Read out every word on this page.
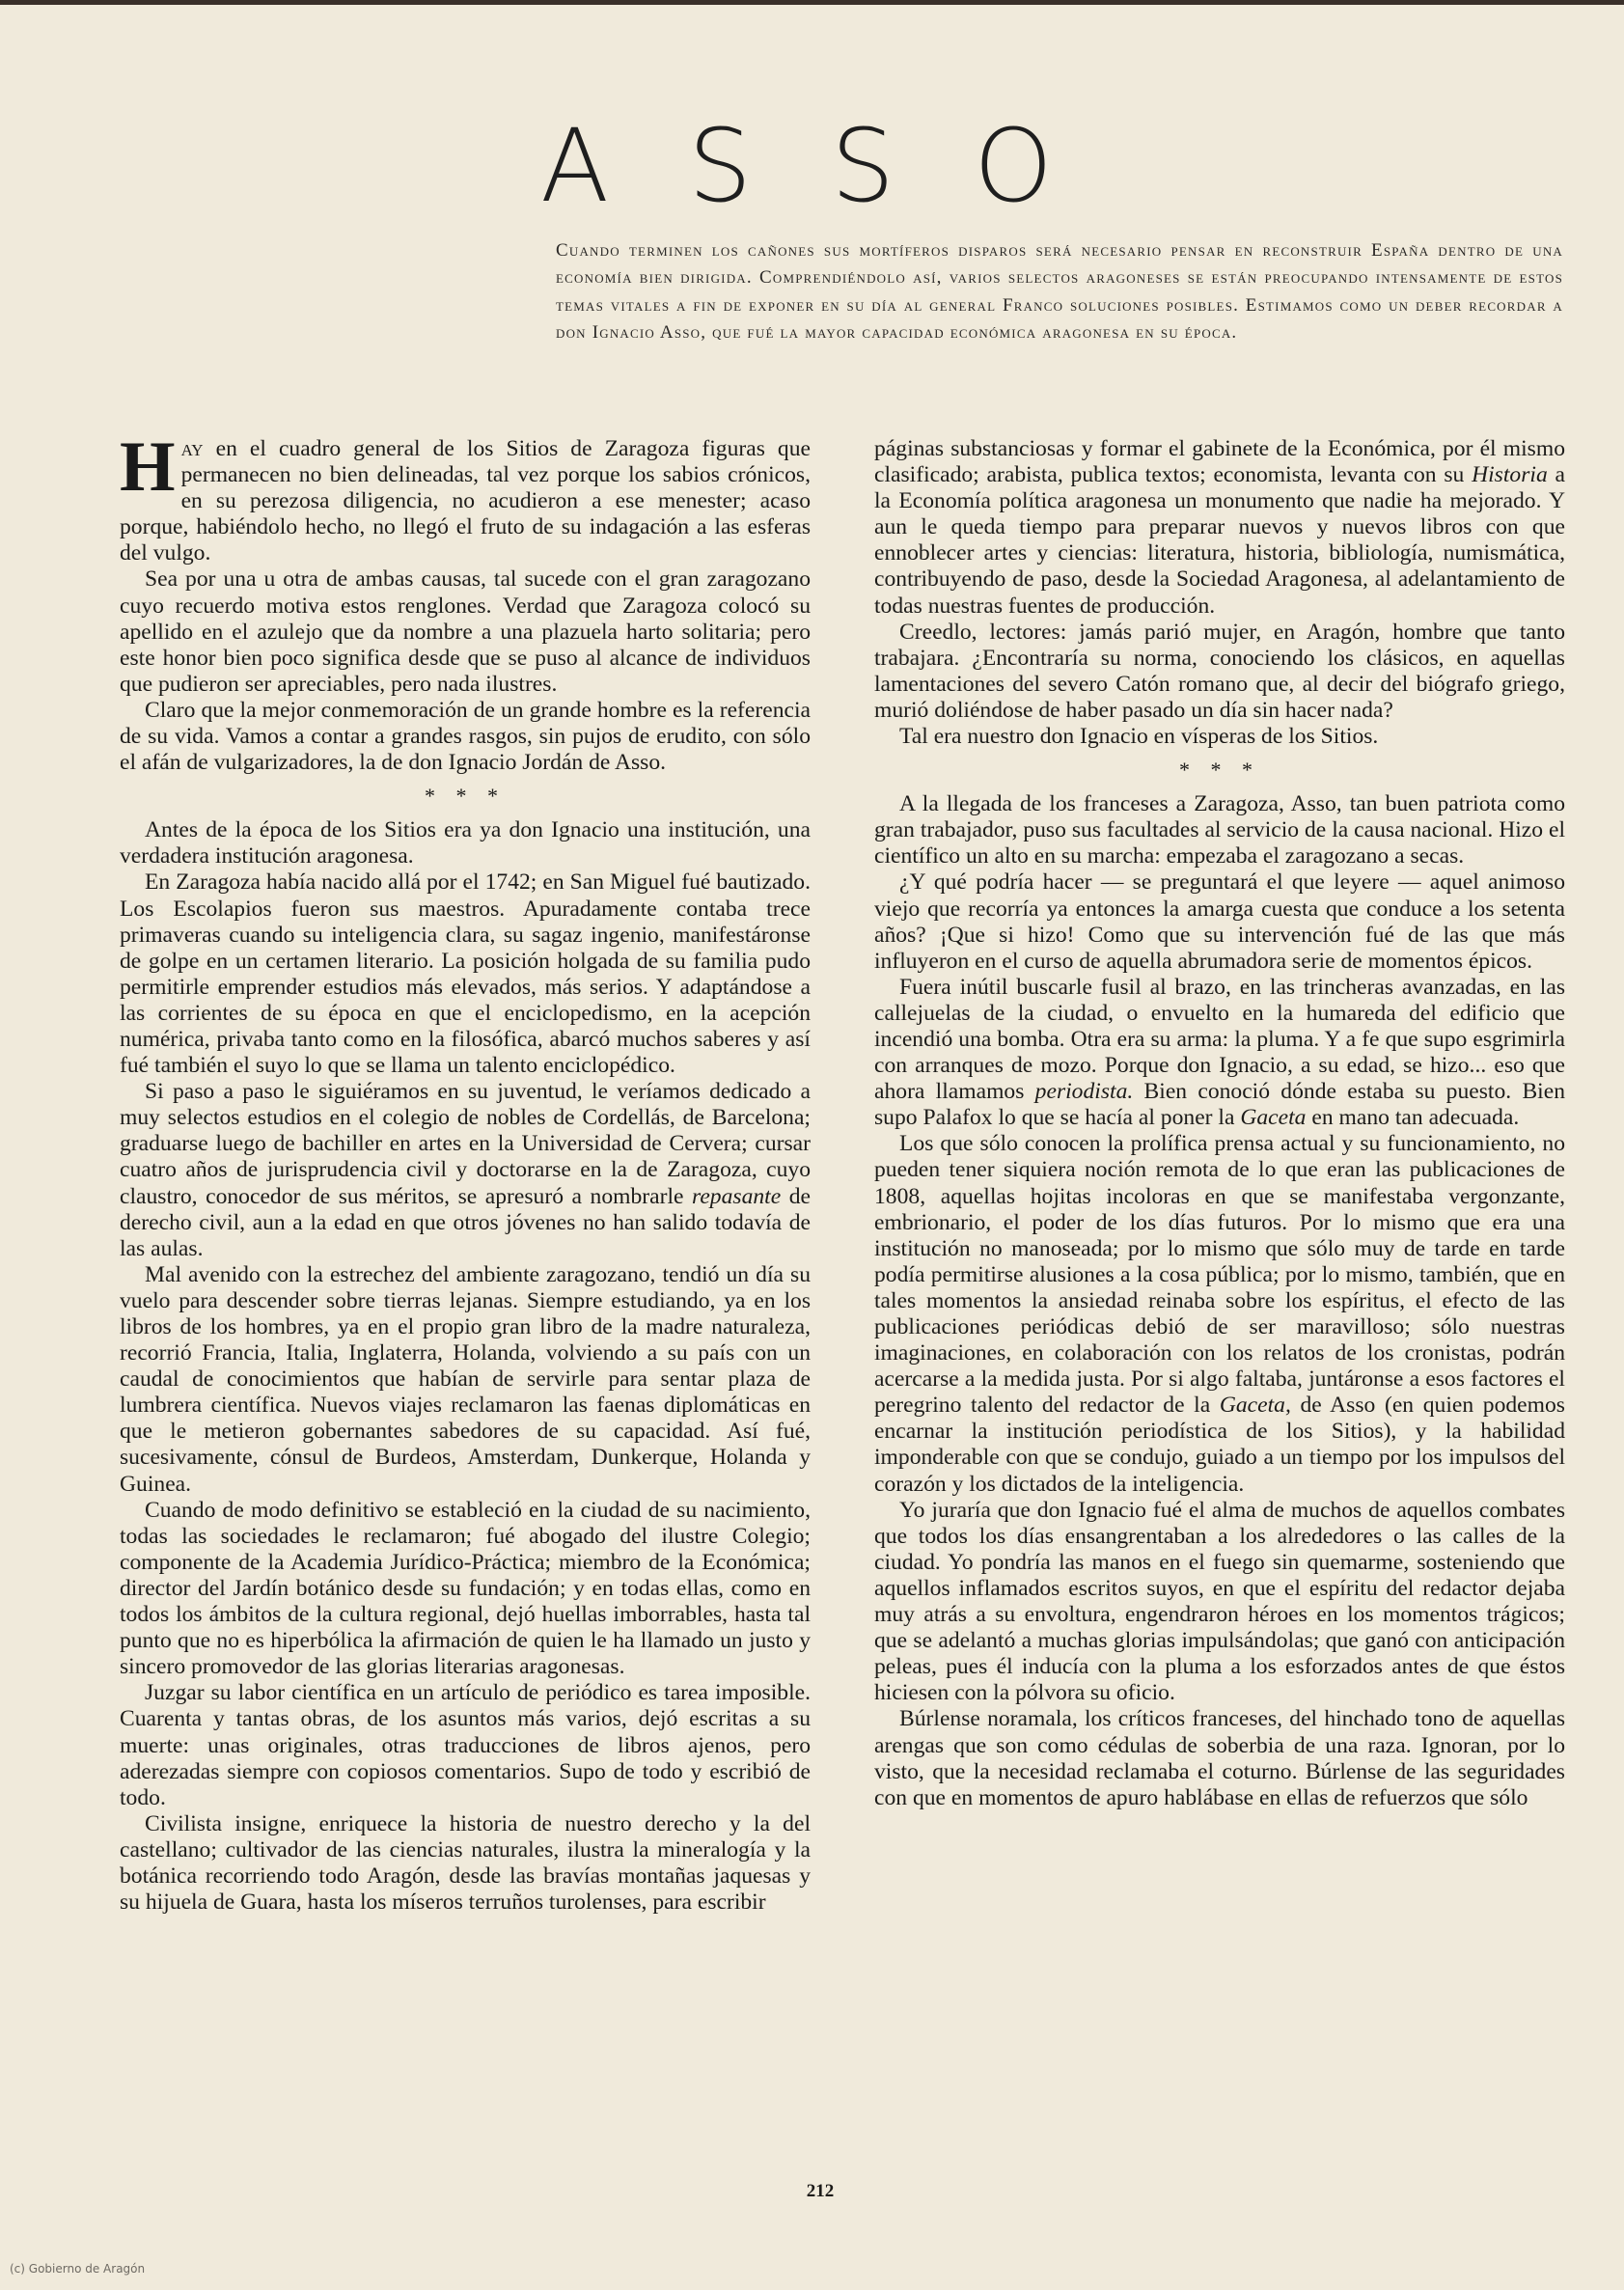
ASSO
Cuando terminen los cañones sus mortíferos disparos será necesario pensar en reconstruir España dentro de una economía bien dirigida. Comprendiéndolo así, varios selectos aragoneses se están preocupando intensamente de estos temas vitales a fin de exponer en su día al general Franco soluciones posibles. Estimamos como un deber recordar a don Ignacio Asso, que fué la mayor capacidad económica aragonesa en su época.

Hay en el cuadro general de los Sitios de Zaragoza figuras que permanecen no bien delineadas, tal vez porque los sabios crónicos, en su perezosa diligencia, no acudieron a ese menester; acaso porque, habiéndolo hecho, no llegó el fruto de su indagación a las esferas del vulgo.

Sea por una u otra de ambas causas, tal sucede con el gran zaragozano cuyo recuerdo motiva estos renglones. Verdad que Zaragoza colocó su apellido en el azulejo que da nombre a una plazuela harto solitaria; pero este honor bien poco significa desde que se puso al alcance de individuos que pudieron ser apreciables, pero nada ilustres.

Claro que la mejor conmemoración de un grande hombre es la referencia de su vida. Vamos a contar a grandes rasgos, sin pujos de erudito, con sólo el afán de vulgarizadores, la de don Ignacio Jordán de Asso.

* * *

Antes de la época de los Sitios era ya don Ignacio una institución, una verdadera institución aragonesa.

En Zaragoza había nacido allá por el 1742; en San Miguel fué bautizado. Los Escolapios fueron sus maestros. Apuradamente contaba trece primaveras cuando su inteligencia clara, su sagaz ingenio, manifestáronse de golpe en un certamen literario. La posición holgada de su familia pudo permitirle emprender estudios más elevados, más serios. Y adaptándose a las corrientes de su época en que el enciclopedismo, en la acepción numérica, privaba tanto como en la filosófica, abarcó muchos saberes y así fué también el suyo lo que se llama un talento enciclopédico.

Si paso a paso le siguiéramos en su juventud, le veríamos dedicado a muy selectos estudios en el colegio de nobles de Cordellás, de Barcelona; graduarse luego de bachiller en artes en la Universidad de Cervera; cursar cuatro años de jurisprudencia civil y doctorarse en la de Zaragoza, cuyo claustro, conocedor de sus méritos, se apresuró a nombrarle repasante de derecho civil, aun a la edad en que otros jóvenes no han salido todavía de las aulas.

Mal avenido con la estrechez del ambiente zaragozano, tendió un día su vuelo para descender sobre tierras lejanas. Siempre estudiando, ya en los libros de los hombres, ya en el propio gran libro de la madre naturaleza, recorrió Francia, Italia, Inglaterra, Holanda, volviendo a su país con un caudal de conocimientos que habían de servirle para sentar plaza de lumbrera científica. Nuevos viajes reclamaron las faenas diplomáticas en que le metieron gobernantes sabedores de su capacidad. Así fué, sucesivamente, cónsul de Burdeos, Amsterdam, Dunkerque, Holanda y Guinea.

Cuando de modo definitivo se estableció en la ciudad de su nacimiento, todas las sociedades le reclamaron; fué abogado del ilustre Colegio; componente de la Academia Jurídico-Práctica; miembro de la Económica; director del Jardín botánico desde su fundación; y en todas ellas, como en todos los ámbitos de la cultura regional, dejó huellas imborrables, hasta tal punto que no es hiperbólica la afirmación de quien le ha llamado un justo y sincero promovedor de las glorias literarias aragonesas.

Juzgar su labor científica en un artículo de periódico es tarea imposible. Cuarenta y tantas obras, de los asuntos más varios, dejó escritas a su muerte: unas originales, otras traducciones de libros ajenos, pero aderezadas siempre con copiosos comentarios. Supo de todo y escribió de todo.

Civilista insigne, enriquece la historia de nuestro derecho y la del castellano; cultivador de las ciencias naturales, ilustra la mineralogía y la botánica recorriendo todo Aragón, desde las bravías montañas jaquesas y su hijuela de Guara, hasta los míseros terruños turolenses, para escribir

páginas substanciosas y formar el gabinete de la Económica, por él mismo clasificado; arabista, publica textos; economista, levanta con su Historia a la Economía política aragonesa un monumento que nadie ha mejorado. Y aun le queda tiempo para preparar nuevos y nuevos libros con que ennoblecer artes y ciencias: literatura, historia, bibliología, numismática, contribuyendo de paso, desde la Sociedad Aragonesa, al adelantamiento de todas nuestras fuentes de producción.

Creedlo, lectores: jamás parió mujer, en Aragón, hombre que tanto trabajara. ¿Encontraría su norma, conociendo los clásicos, en aquellas lamentaciones del severo Catón romano que, al decir del biógrafo griego, murió doliéndose de haber pasado un día sin hacer nada?

Tal era nuestro don Ignacio en vísperas de los Sitios.

* * *

A la llegada de los franceses a Zaragoza, Asso, tan buen patriota como gran trabajador, puso sus facultades al servicio de la causa nacional. Hizo el científico un alto en su marcha: empezaba el zaragozano a secas.

¿Y qué podría hacer — se preguntará el que leyere — aquel animoso viejo que recorría ya entonces la amarga cuesta que conduce a los setenta años? ¡Que si hizo! Como que su intervención fué de las que más influyeron en el curso de aquella abrumadora serie de momentos épicos.

Fuera inútil buscarle fusil al brazo, en las trincheras avanzadas, en las callejuelas de la ciudad, o envuelto en la humareda del edificio que incendió una bomba. Otra era su arma: la pluma. Y a fe que supo esgrimirla con arranques de mozo. Porque don Ignacio, a su edad, se hizo... eso que ahora llamamos periodista. Bien conoció dónde estaba su puesto. Bien supo Palafox lo que se hacía al poner la Gaceta en mano tan adecuada.

Los que sólo conocen la prolífica prensa actual y su funcionamiento, no pueden tener siquiera noción remota de lo que eran las publicaciones de 1808, aquellas hojitas incoloras en que se manifestaba vergonzante, embrionario, el poder de los días futuros. Por lo mismo que era una institución no manoseada; por lo mismo que sólo muy de tarde en tarde podía permitirse alusiones a la cosa pública; por lo mismo, también, que en tales momentos la ansiedad reinaba sobre los espíritus, el efecto de las publicaciones periódicas debió de ser maravilloso; sólo nuestras imaginaciones, en colaboración con los relatos de los cronistas, podrán acercarse a la medida justa. Por si algo faltaba, juntáronse a esos factores el peregrino talento del redactor de la Gaceta, de Asso (en quien podemos encarnar la institución periodística de los Sitios), y la habilidad imponderable con que se condujo, guiado a un tiempo por los impulsos del corazón y los dictados de la inteligencia.

Yo juraría que don Ignacio fué el alma de muchos de aquellos combates que todos los días ensangrentaban a los alrededores o las calles de la ciudad. Yo pondría las manos en el fuego sin quemarme, sosteniendo que aquellos inflamados escritos suyos, en que el espíritu del redactor dejaba muy atrás a su envoltura, engendraron héroes en los momentos trágicos; que se adelantó a muchas glorias impulsándolas; que ganó con anticipación peleas, pues él inducía con la pluma a los esforzados antes de que éstos hiciesen con la pólvora su oficio.

Búrlense noramala, los críticos franceses, del hinchado tono de aquellas arengas que son como cédulas de soberbia de una raza. Ignoran, por lo visto, que la necesidad reclamaba el coturno. Búrlense de las seguridades con que en momentos de apuro hablábase en ellas de refuerzos que sólo

212
(c) Gobierno de Aragón
